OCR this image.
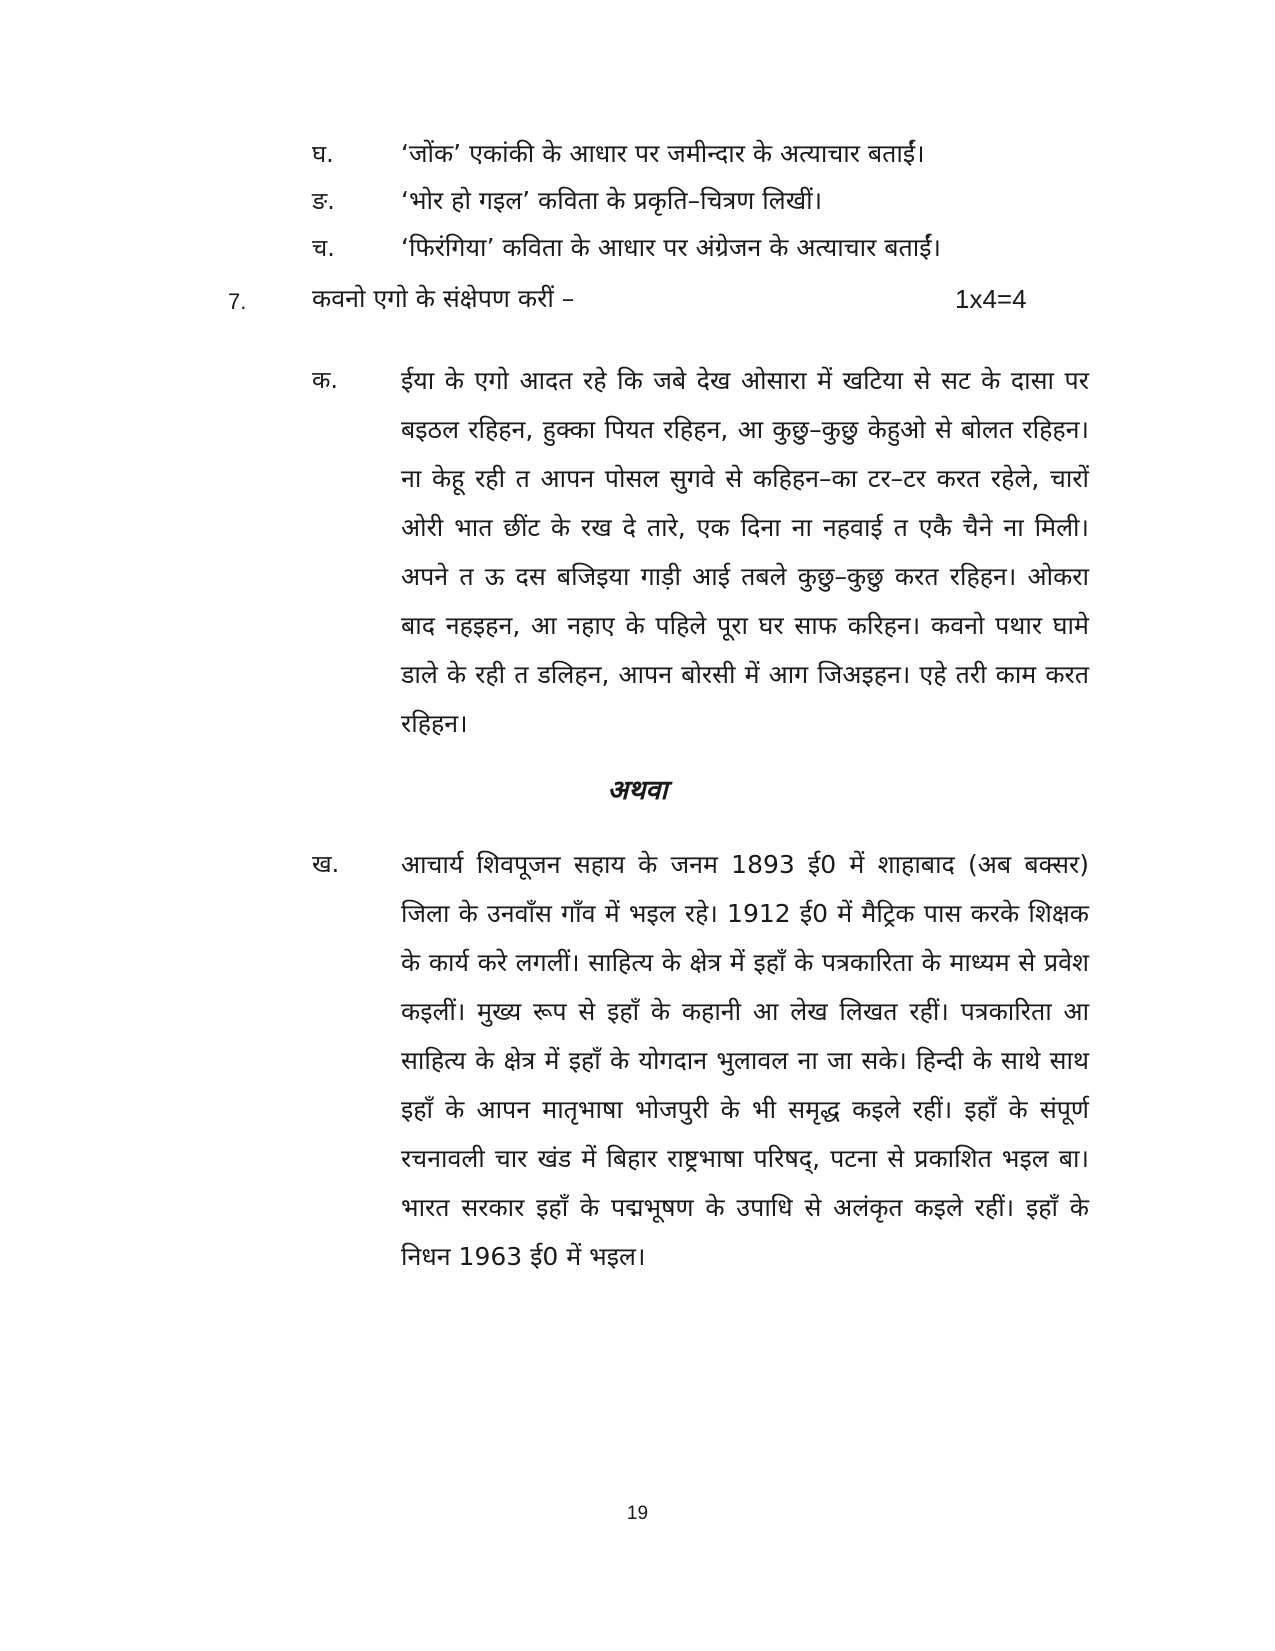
घ.	‘जोंक’ एकांकी के आधार पर जमीन्दार के अत्याचार बताईं।
ङ.	‘भोर हो गइल’ कविता के प्रकृति–चित्रण लिखीं।
च.	‘फिरंगिया’ कविता के आधार पर अंग्रेजन के अत्याचार बताईं।
7.	कवनो एगो के संक्षेपण करीं –	1x4=4
क.	ईया के एगो आदत रहे कि जबे देख ओसारा में खटिया से सट के दासा पर बइठल रहिहन, हुक्का पियत रहिहन, आ कुछु–कुछु केहुओ से बोलत रहिहन। ना केहू रही त आपन पोसल सुगवे से कहिहन–का टर–टर करत रहेले, चारों ओरी भात छींट के रख दे तारे, एक दिना ना नहवाई त एकै चैने ना मिली। अपने त ऊ दस बजिइया गाड़ी आई तबले कुछु–कुछु करत रहिहन। ओकरा बाद नहइहन, आ नहाए के पहिले पूरा घर साफ करिहन। कवनो पथार घामे डाले के रही त डलिहन, आपन बोरसी में आग जिअइहन। एहे तरी काम करत रहिहन।
अथवा
ख. आचार्य शिवपूजन सहाय के जनम 1893 ई0 में शाहाबाद (अब बक्सर) जिला के उनवाँस गाँव में भइल रहे। 1912 ई0 में मैट्रिक पास करके शिक्षक के कार्य करे लगलीं। साहित्य के क्षेत्र में इहाँ के पत्रकारिता के माध्यम से प्रवेश कइलीं। मुख्य रूप से इहाँ के कहानी आ लेख लिखत रहीं। पत्रकारिता आ साहित्य के क्षेत्र में इहाँ के योगदान भुलावल ना जा सके। हिन्दी के साथे साथ इहाँ के आपन मातृभाषा भोजपुरी के भी समृद्ध कइले रहीं। इहाँ के संपूर्ण रचनावली चार खंड में बिहार राष्ट्रभाषा परिषद्, पटना से प्रकाशित भइल बा। भारत सरकार इहाँ के पद्मभूषण के उपाधि से अलंकृत कइले रहीं। इहाँ के निधन 1963 ई0 में भइल।
19
